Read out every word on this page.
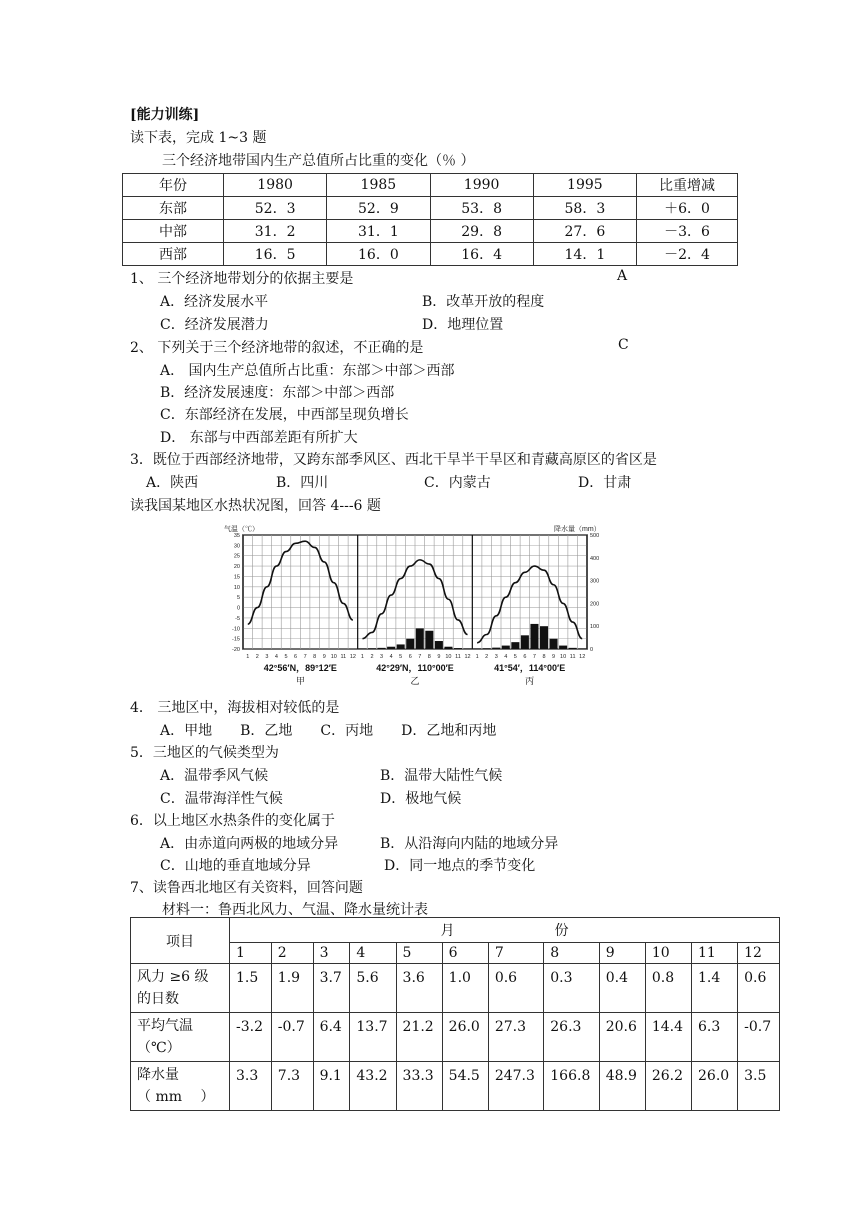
[能力训练]
读下表，完成 1~3 题
三个经济地带国内生产总值所占比重的变化（％ ）
年份	1980	1985	1990	1995	比重增减
东部	52．3	52．9	53．8	58．3	＋6．0
中部	31．2	31．1	29．8	27．6	－3．6
西部	16．5	16．0	16．4	14．1	－2．4
1、 三个经济地带划分的依据主要是	A
A．经济发展水平	B．改革开放的程度
C．经济发展潜力	D．地理位置
2、 下列关于三个经济地带的叙述，不正确的是	C
A． 国内生产总值所占比重：东部＞中部＞西部
B．经济发展速度：东部＞中部＞西部
C．东部经济在发展，中西部呈现负增长
D． 东部与中西部差距有所扩大
3．既位于西部经济地带，又跨东部季风区、西北干旱半干旱区和青藏高原区的省区是
A．陕西	B．四川	C．内蒙古	D．甘肃
读我国某地区水热状况图，回答 4---6 题
气温（℃）	降水量（mm）
35
30
25
20
15
10
5
0
-5
-10
-15
-20
500
400
300
200
100
0
1 2 3 4 5 6 7 8 9 10 11 12
42°56′N，89°12′E
甲
1 2 3 4 5 6 7 8 9 10 11 12
42°29′N，110°00′E
乙
1 2 3 4 5 6 7 8 9 10 11 12
41°54′，114°00′E
丙
4． 三地区中，海拔相对较低的是
A．甲地　　B．乙地　　C．丙地　　D．乙地和丙地
5．三地区的气候类型为
A．温带季风气候	B．温带大陆性气候
C．温带海洋性气候	D．极地气候
6．以上地区水热条件的变化属于
A．由赤道向两极的地域分异	B．从沿海向内陆的地域分异
C．山地的垂直地域分异	D．同一地点的季节变化
7、读鲁西北地区有关资料，回答问题
材料一：鲁西北风力、气温、降水量统计表
项目	月 份											
	1	2	3	4	5	6	7	8	9	10	11	12
风力 ≥6 级
的日数	1.5	1.9	3.7	5.6	3.6	1.0	0.6	0.3	0.4	0.8	1.4	0.6
平均气温
（℃）	-3.2	-0.7	6.4	13.7	21.2	26.0	27.3	26.3	20.6	14.4	6.3	-0.7
降水量
（ mm　 ）	3.3	7.3	9.1	43.2	33.3	54.5	247.3	166.8	48.9	26.2	26.0	3.5
